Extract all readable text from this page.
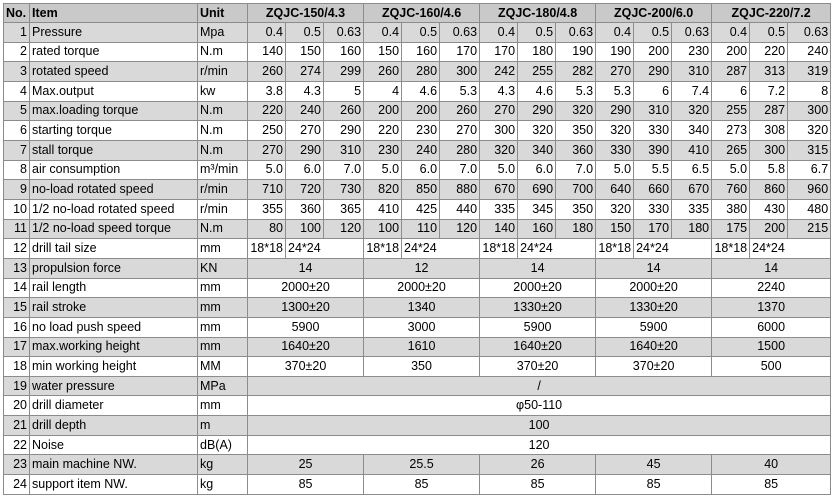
No.	Item	Unit	ZQJC-150/4.3			ZQJC-160/4.6			ZQJC-180/4.8			ZQJC-200/6.0			ZQJC-220/7.2		
1	Pressure	Mpa	0.4	0.5	0.63	0.4	0.5	0.63	0.4	0.5	0.63	0.4	0.5	0.63	0.4	0.5	0.63
2	rated torque	N.m	140	150	160	150	160	170	170	180	190	190	200	230	200	220	240
3	rotated speed	r/min	260	274	299	260	280	300	242	255	282	270	290	310	287	313	319
4	Max.output	kw	3.8	4.3	5	4	4.6	5.3	4.3	4.6	5.3	5.3	6	7.4	6	7.2	8
5	max.loading torque	N.m	220	240	260	200	200	260	270	290	320	290	310	320	255	287	300
6	starting torque	N.m	250	270	290	220	230	270	300	320	350	320	330	340	273	308	320
7	stall torque	N.m	270	290	310	230	240	280	320	340	360	330	390	410	265	300	315
8	air consumption	m³/min	5.0	6.0	7.0	5.0	6.0	7.0	5.0	6.0	7.0	5.0	5.5	6.5	5.0	5.8	6.7
9	no-load rotated speed	r/min	710	720	730	820	850	880	670	690	700	640	660	670	760	860	960
10	1/2 no-load rotated speed	r/min	355	360	365	410	425	440	335	345	350	320	330	335	380	430	480
11	1/2 no-load speed torque	N.m	80	100	120	100	110	120	140	160	180	150	170	180	175	200	215
12	drill tail size	mm	18*18	24*24		18*18	24*24		18*18	24*24		18*18	24*24		18*18	24*24	
13	propulsion force	KN	14			12			14			14			14		
14	rail length	mm	2000±20			2000±20			2000±20			2000±20			2240		
15	rail stroke	mm	1300±20			1340			1330±20			1330±20			1370		
16	no load push speed	mm	5900			3000			5900			5900			6000		
17	max.working height	mm	1640±20			1610			1640±20			1640±20			1500		
18	min working height	MM	370±20			350			370±20			370±20			500		
19	water pressure	MPa	/														
20	drill diameter	mm	φ50-110														
21	drill depth	m	100														
22	Noise	dB(A)	120														
23	main machine NW.	kg	25			25.5			26			45			40		
24	support item NW.	kg	85			85			85			85			85		
